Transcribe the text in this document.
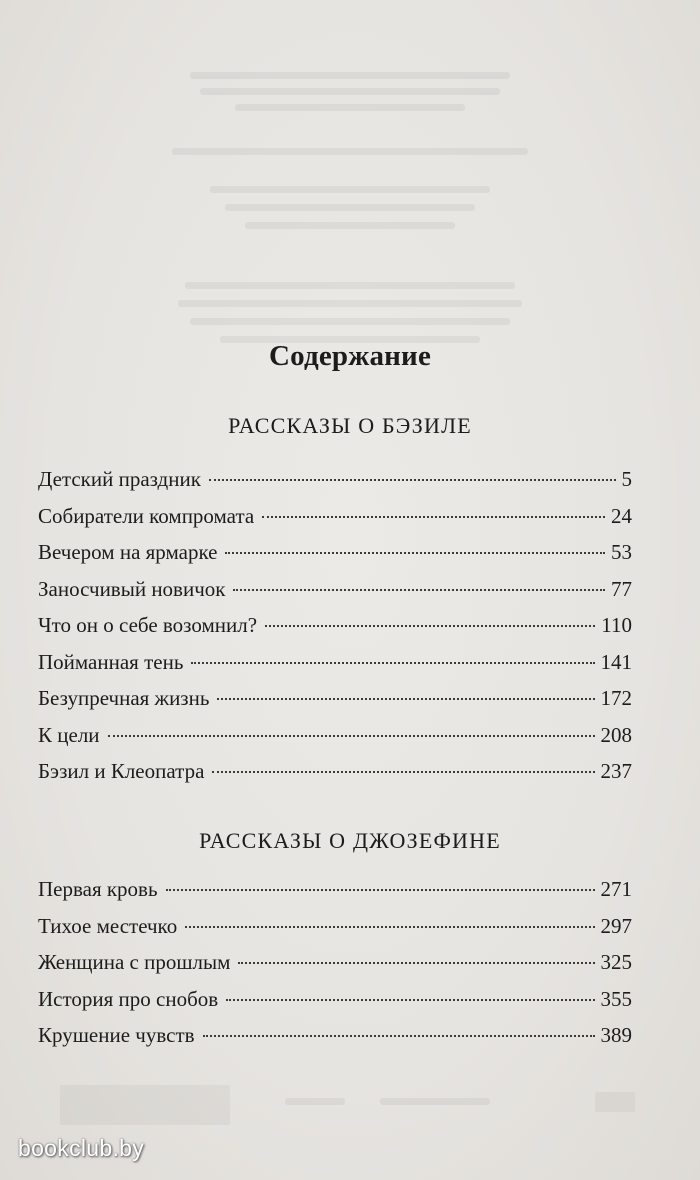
Содержание
РАССКАЗЫ О БЭЗИЛЕ
Детский праздник	5
Собиратели компромата	24
Вечером на ярмарке	53
Заносчивый новичок	77
Что он о себе возомнил?	110
Пойманная тень	141
Безупречная жизнь	172
К цели	208
Бэзил и Клеопатра	237
РАССКАЗЫ О ДЖОЗЕФИНЕ
Первая кровь	271
Тихое местечко	297
Женщина с прошлым	325
История про снобов	355
Крушение чувств	389
bookclub.by
